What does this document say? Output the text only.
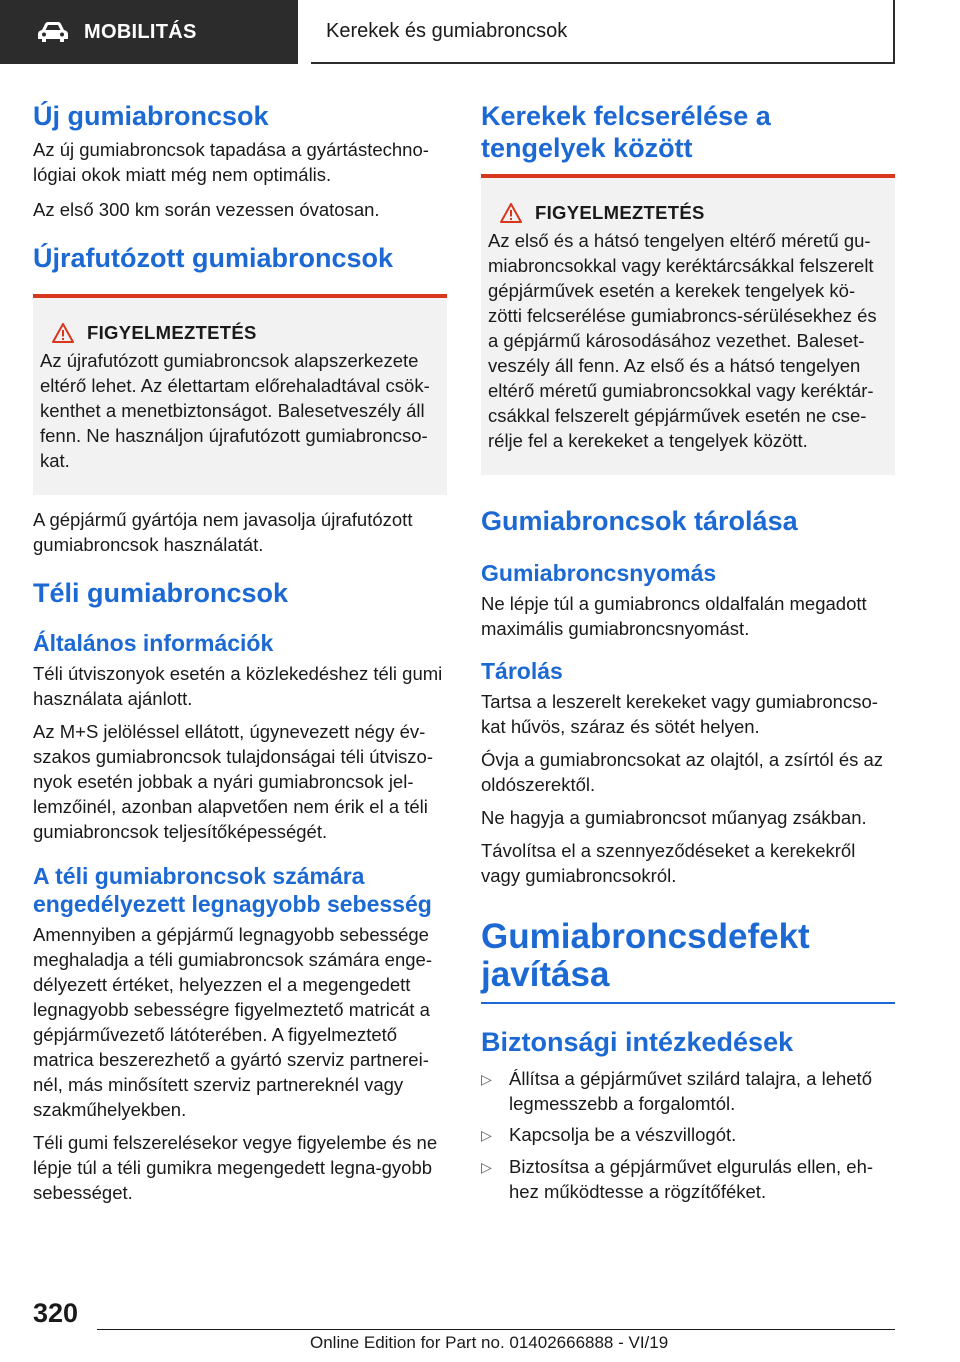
MOBILITÁS	Kerekek és gumiabroncsok
Új gumiabroncsok

Az új gumiabroncsok tapadása a gyártástechno-lógiai okok miatt még nem optimális.

Az első 300 km során vezessen óvatosan.

Újrafutózott gumiabroncsok
FIGYELMEZTETÉS

Az újrafutózott gumiabroncsok alapszerkezete eltérő lehet. Az élettartam előrehaladtával csök-kenthet a menetbiztonságot. Balesetveszély áll fenn. Ne használjon újrafutózott gumiabroncso-kat.

A gépjármű gyártója nem javasolja újrafutózott gumiabroncsok használatát.

Téli gumiabroncsok
Általános információk

Téli útviszonyok esetén a közlekedéshez téli gumi használata ajánlott.

Az M+S jelöléssel ellátott, úgynevezett négy év-szakos gumiabroncsok tulajdonságai téli útviszo-nyok esetén jobbak a nyári gumiabroncsok jel-lemzőinél, azonban alapvetően nem érik el a téli gumiabroncsok teljesítőképességét.

A téli gumiabroncsok számára engedélyezett legnagyobb sebesség

Amennyiben a gépjármű legnagyobb sebessége meghaladja a téli gumiabroncsok számára enge-délyezett értéket, helyezzen el a megengedett legnagyobb sebességre figyelmeztető matricát a gépjárművezető látóterében. A figyelmeztető matrica beszerezhető a gyártó szerviz partnerei-nél, más minősített szerviz partnereknél vagy szakműhelyekben.

Téli gumi felszerelésekor vegye figyelembe és ne lépje túl a téli gumikra megengedett legna-gyobb sebességet.

Kerekek felcserélése a tengelyek között
FIGYELMEZTETÉS

Az első és a hátsó tengelyen eltérő méretű gu-miabroncsokkal vagy keréktárcsákkal felszerelt gépjárművek esetén a kerekek tengelyek kö-zötti felcserélése gumiabroncs-sérülésekhez és a gépjármű károsodásához vezethet. Baleset-veszély áll fenn. Az első és a hátsó tengelyen eltérő méretű gumiabroncsokkal vagy keréktár-csákkal felszerelt gépjárművek esetén ne cse-rélje fel a kerekeket a tengelyek között.

Gumiabroncsok tárolása
Gumiabroncsnyomás

Ne lépje túl a gumiabroncs oldalfalán megadott maximális gumiabroncsnyomást.

Tárolás

Tartsa a leszerelt kerekeket vagy gumiabroncso-kat hűvös, száraz és sötét helyen.

Óvja a gumiabroncsokat az olajtól, a zsírtól és az oldószerektől.

Ne hagyja a gumiabroncsot műanyag zsákban.

Távolítsa el a szennyeződéseket a kerekekről vagy gumiabroncsokról.

Gumiabroncsdefekt javítása
Biztonsági intézkedések
▷ Állítsa a gépjárművet szilárd talajra, a lehető legmesszebb a forgalomtól.
▷ Kapcsolja be a vészvillogót.
▷ Biztosítsa a gépjárművet elgurulás ellen, eh-hez működtesse a rögzítőféket.
320
Online Edition for Part no. 01402666888 - VI/19
